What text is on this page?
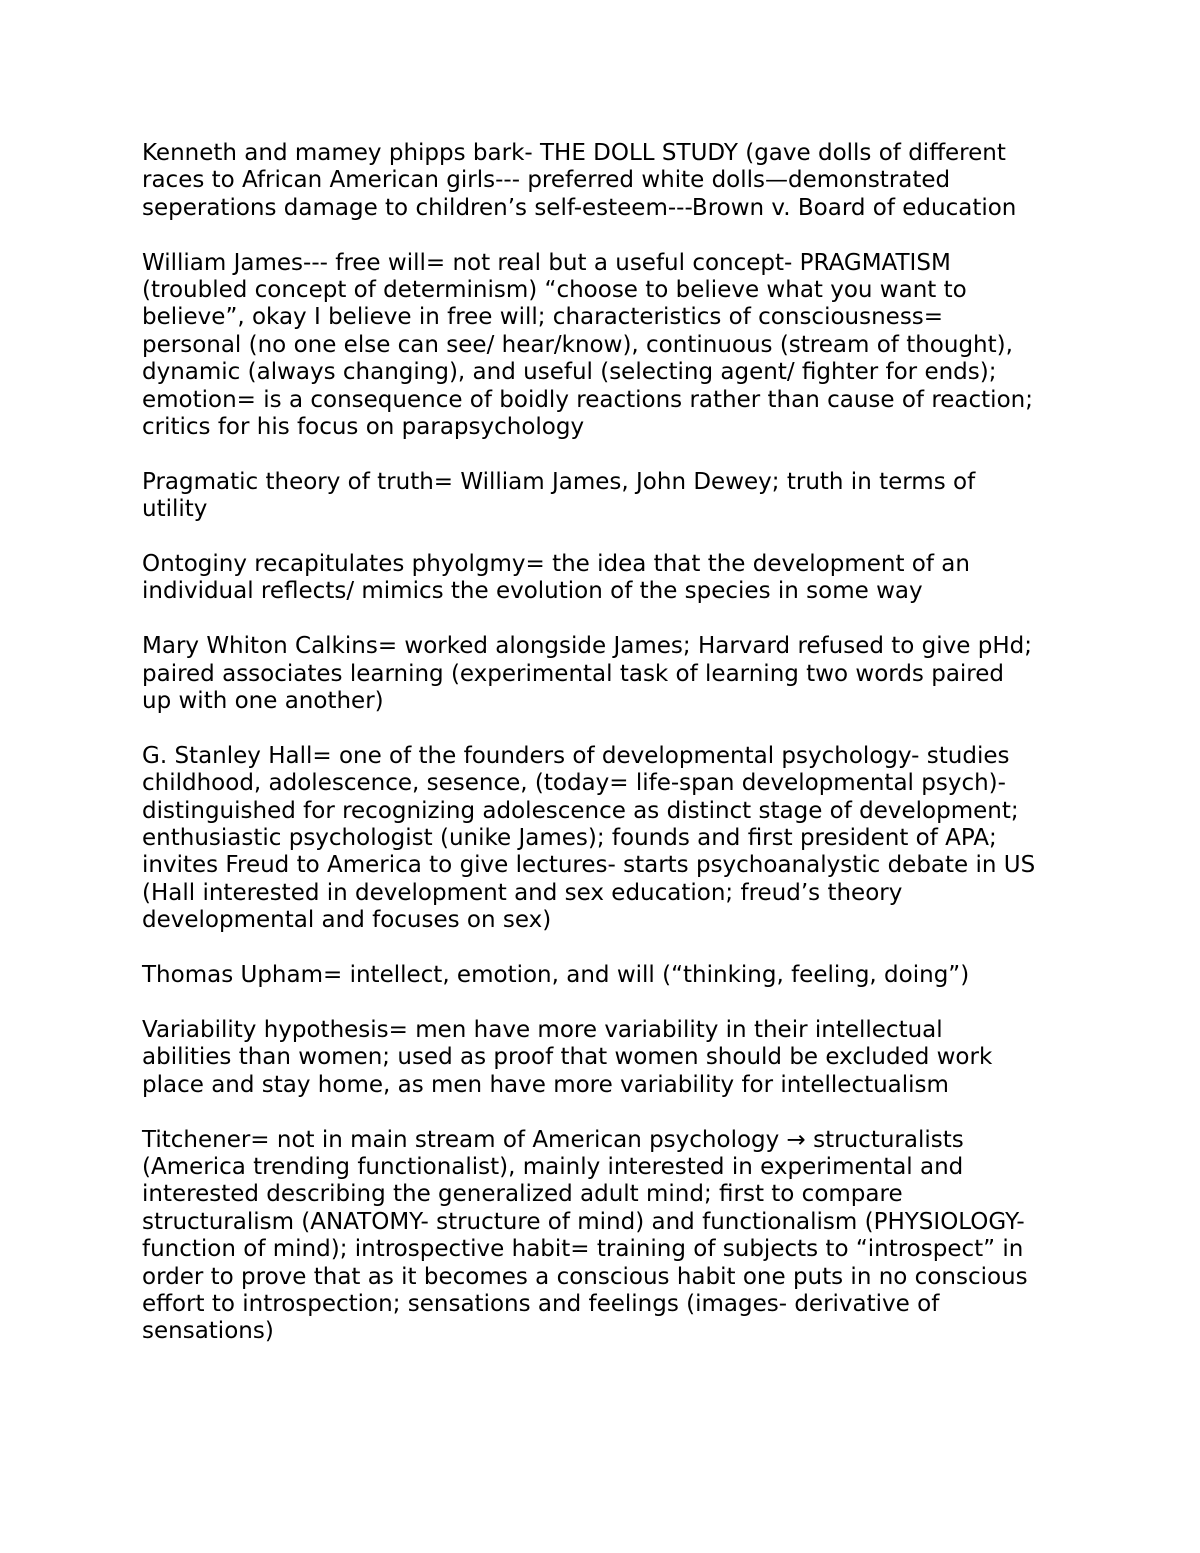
Kenneth and mamey phipps bark- THE DOLL STUDY (gave dolls of different
races to African American girls--- preferred white dolls—demonstrated
seperations damage to children’s self-esteem---Brown v. Board of education

William James--- free will= not real but a useful concept- PRAGMATISM
(troubled concept of determinism) “choose to believe what you want to
believe”, okay I believe in free will; characteristics of consciousness=
personal (no one else can see/ hear/know), continuous (stream of thought),
dynamic (always changing), and useful (selecting agent/ fighter for ends);
emotion= is a consequence of boidly reactions rather than cause of reaction;
critics for his focus on parapsychology

Pragmatic theory of truth= William James, John Dewey; truth in terms of
utility

Ontoginy recapitulates phyolgmy= the idea that the development of an
individual reflects/ mimics the evolution of the species in some way

Mary Whiton Calkins= worked alongside James; Harvard refused to give pHd;
paired associates learning (experimental task of learning two words paired
up with one another)

G. Stanley Hall= one of the founders of developmental psychology- studies
childhood, adolescence, sesence, (today= life-span developmental psych)-
distinguished for recognizing adolescence as distinct stage of development;
enthusiastic psychologist (unike James); founds and first president of APA;
invites Freud to America to give lectures- starts psychoanalystic debate in US
(Hall interested in development and sex education; freud’s theory
developmental and focuses on sex)

Thomas Upham= intellect, emotion, and will (“thinking, feeling, doing”)

Variability hypothesis= men have more variability in their intellectual
abilities than women; used as proof that women should be excluded work
place and stay home, as men have more variability for intellectualism

Titchener= not in main stream of American psychology → structuralists
(America trending functionalist), mainly interested in experimental and
interested describing the generalized adult mind; first to compare
structuralism (ANATOMY- structure of mind) and functionalism (PHYSIOLOGY-
function of mind); introspective habit= training of subjects to “introspect” in
order to prove that as it becomes a conscious habit one puts in no conscious
effort to introspection; sensations and feelings (images- derivative of
sensations)
